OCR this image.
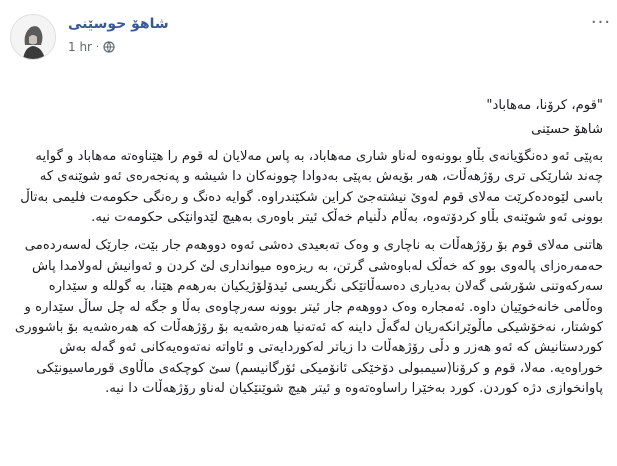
شاهۆ حوسێنی
1 hr ·
···

"قوم، کرۆنا، مەهاباد"

شاهۆ حسێنی

بەپێی ئەو دەنگۆیانەی بڵاو بوونەوە لەناو شاری مەهاباد، بە پاس مەلایان لە قوم را هێناوەتە مەهاباد و گوایە چەند شارێکی تری رۆژهەڵات، هەر بۆیەش بەپێی بەدوادا چوونەکان دا شیشە و پەنجەرەی ئەو شوێنەی کە باسی لێوەدەکرێت مەلای قوم لەوێ نیشتەجێ کراین شکێندراوە. گوایە دەنگ و رەنگی حکومەت فلیمی بەتاڵ بوونی ئەو شوێنەی بڵاو کردۆتەوە، بەڵام دڵنیام خەڵک ئیتر باوەری بەهیچ لێدوانێکی حکومەت نیە.

هاتنی مەلای قوم بۆ رۆژهەڵات بە ناچاری و وەک تەبعیدی دەشی ئەوە دووهەم جار بێت، جارێک لەسەردەمی حەمەرەزای پالەوی بوو کە خەڵک لەباوەشی گرتن، بە ریزەوە میوانداری لێ کردن و ئەوانیش لەولامدا پاش سەرکەوتنی شۆرشی گەلان بەدیاری دەسەڵاتێکی نگریسی ئیدۆلۆژیکیان بەرهەم هێنا، بە گوللە و سێدارە وەڵامی خانەخوێیان داوە. ئەمجارە وەک دووهەم جار ئیتر بوونە سەرچاوەی بەڵا و جگە لە چل ساڵ سێدارە و کوشتار، نەخۆشیکی ماڵوێرانکەریان لەگەڵ داینە کە ئەتەنیا هەرەشەیە بۆ رۆژهەڵات کە هەرەشەیە بۆ باشووری کوردستانیش کە ئەو هەزر و دڵی رۆژهەڵات دا زیاتر لەکوردایەتی و ئاواتە نەتەوەیەکانی ئەو گەلە بەش خوراوەیە. مەلا، قوم و کرۆنا(سیمبولی دۆخێکی ئانۆمیکی ئۆرگانیسم) سێ کوچکەی ماڵاوی قورماسیونێکی پاوانخوازی دژە کوردن. کورد بەخێرا راساوەتەوە و ئیتر هیچ شوێنێکیان لەناو رۆژهەڵات دا نیە.
